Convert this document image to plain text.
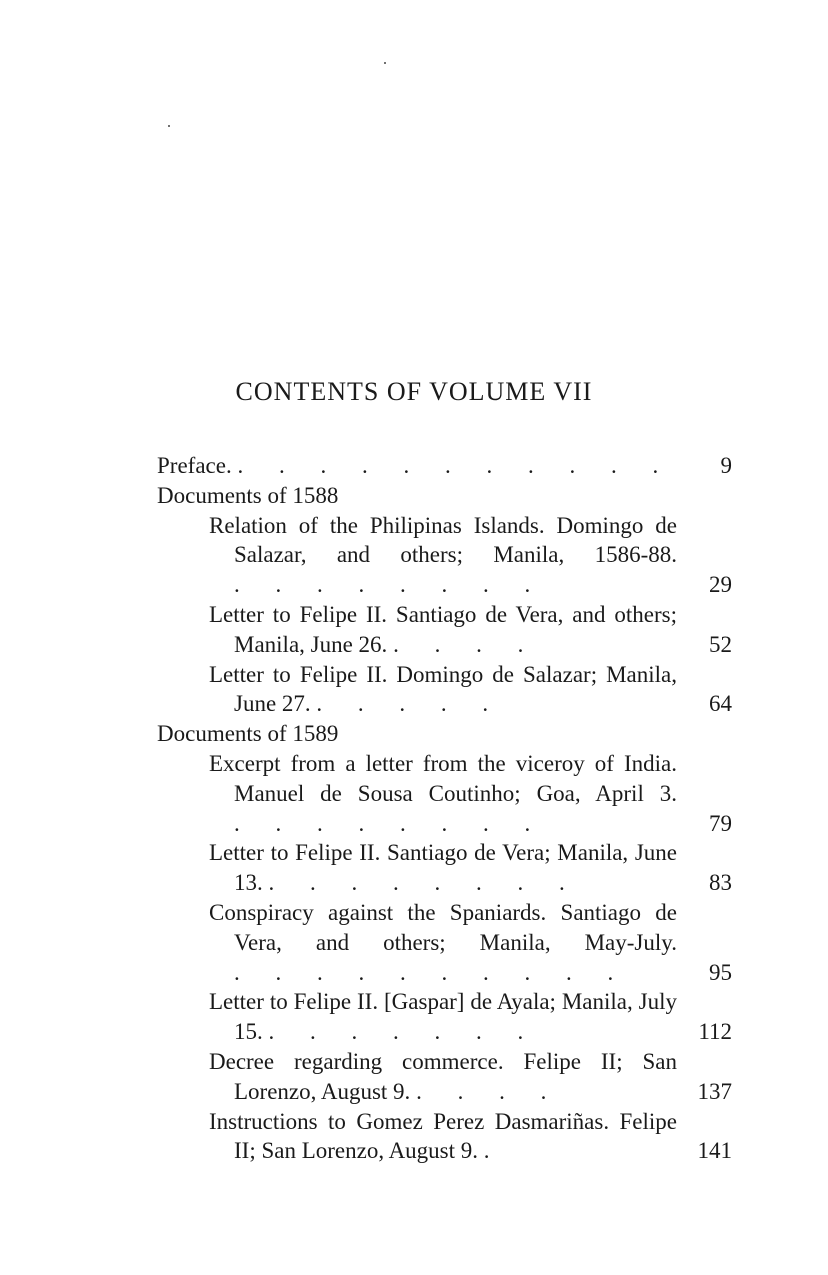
CONTENTS OF VOLUME VII
Preface. . . . . . . . . . . .	9
Documents of 1588
Relation of the Philipinas Islands. Domingo de Salazar, and others; Manila, 1586-88. . . . . . . . .	29
Letter to Felipe II. Santiago de Vera, and others; Manila, June 26. . . . .	52
Letter to Felipe II. Domingo de Salazar; Manila, June 27. . . . . .	64
Documents of 1589
Excerpt from a letter from the viceroy of India. Manuel de Sousa Coutinho; Goa, April 3. . . . . . . . .	79
Letter to Felipe II. Santiago de Vera; Manila, June 13. . . . . . . . .	83
Conspiracy against the Spaniards. Santiago de Vera, and others; Manila, May-July. . . . . . . . . . .	95
Letter to Felipe II. [Gaspar] de Ayala; Manila, July 15. . . . . . . .	112
Decree regarding commerce. Felipe II; San Lorenzo, August 9. . . . .	137
Instructions to Gomez Perez Dasmariñas. Felipe II; San Lorenzo, August 9. .	141
